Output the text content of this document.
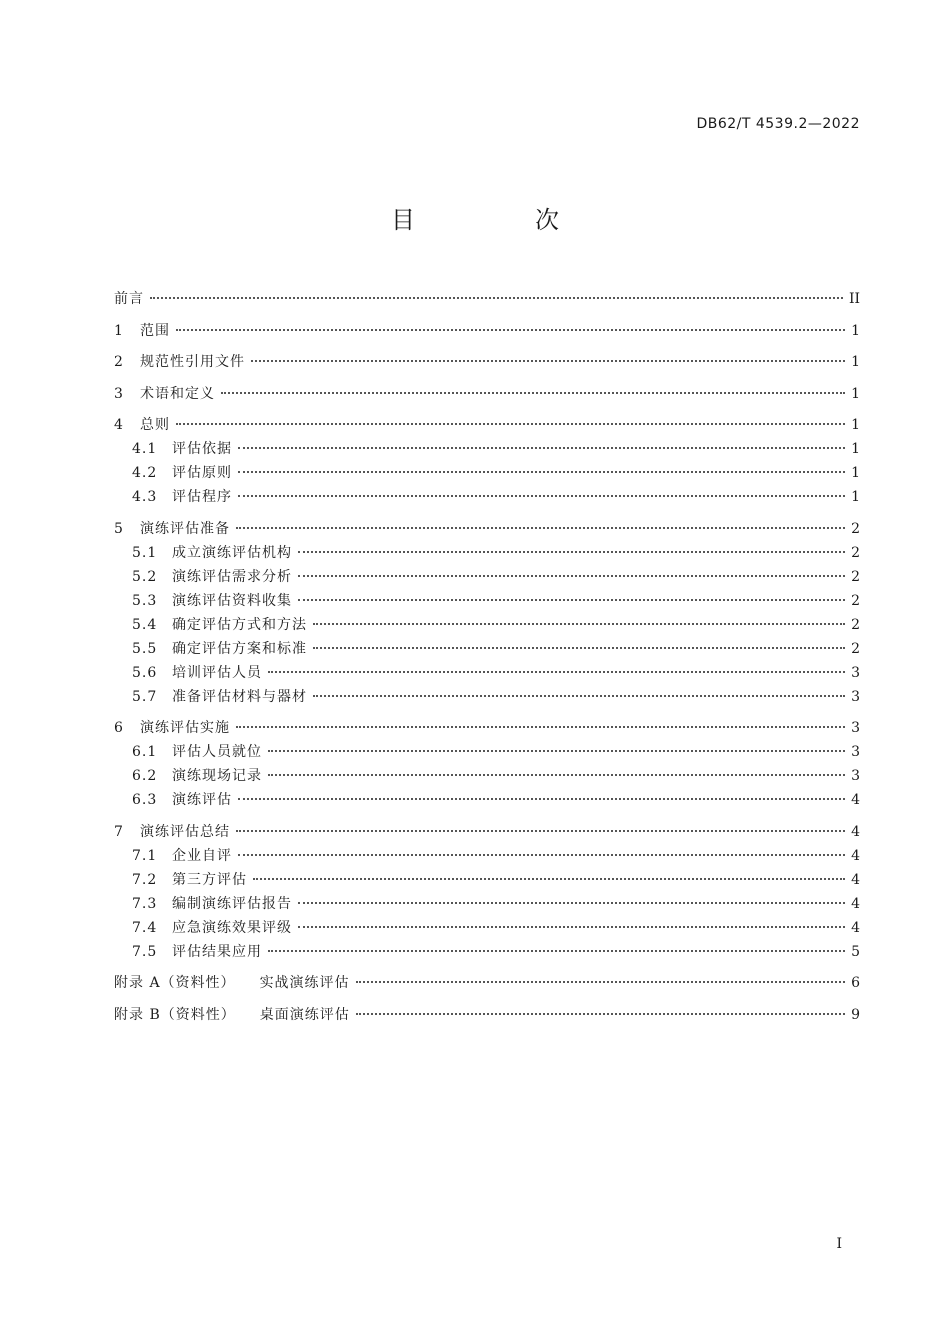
DB62/T 4539.2—2022
目　次
前言	II
1	范围	1
2	规范性引用文件	1
3	术语和定义	1
4	总则	1
4.1	评估依据	1
4.2	评估原则	1
4.3	评估程序	1
5	演练评估准备	2
5.1	成立演练评估机构	2
5.2	演练评估需求分析	2
5.3	演练评估资料收集	2
5.4	确定评估方式和方法	2
5.5	确定评估方案和标准	2
5.6	培训评估人员	3
5.7	准备评估材料与器材	3
6	演练评估实施	3
6.1	评估人员就位	3
6.2	演练现场记录	3
6.3	演练评估	4
7	演练评估总结	4
7.1	企业自评	4
7.2	第三方评估	4
7.3	编制演练评估报告	4
7.4	应急演练效果评级	4
7.5	评估结果应用	5
附录 A（资料性） 实战演练评估	6
附录 B（资料性） 桌面演练评估	9
I
